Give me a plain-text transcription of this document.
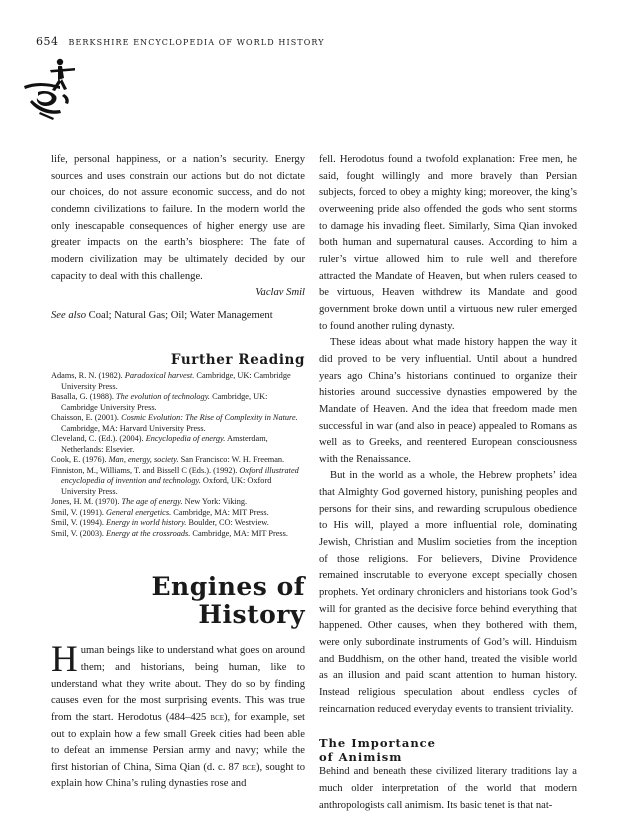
654 BERKSHIRE ENCYCLOPEDIA OF WORLD HISTORY

life, personal happiness, or a nation’s security. Energy sources and uses constrain our actions but do not dictate our choices, do not assure economic success, and do not condemn civilizations to failure. In the modern world the only inescapable consequences of higher energy use are greater impacts on the earth’s biosphere: The fate of modern civilization may be ultimately decided by our capacity to deal with this challenge.

Vaclav Smil

See also Coal; Natural Gas; Oil; Water Management

Further Reading

Adams, R. N. (1982). Paradoxical harvest. Cambridge, UK: Cambridge University Press.

Basalla, G. (1988). The evolution of technology. Cambridge, UK: Cambridge University Press.

Chaisson, E. (2001). Cosmic Evolution: The Rise of Complexity in Nature. Cambridge, MA: Harvard University Press.

Cleveland, C. (Ed.). (2004). Encyclopedia of energy. Amsterdam, Netherlands: Elsevier.

Cook, E. (1976). Man, energy, society. San Francisco: W. H. Freeman.

Finniston, M., Williams, T. and Bissell C (Eds.). (1992). Oxford illustrated encyclopedia of invention and technology. Oxford, UK: Oxford University Press.

Jones, H. M. (1970). The age of energy. New York: Viking.

Smil, V. (1991). General energetics. Cambridge, MA: MIT Press.

Smil, V. (1994). Energy in world history. Boulder, CO: Westview.

Smil, V. (2003). Energy at the crossroads. Cambridge, MA: MIT Press.

Engines of
History

Human beings like to understand what goes on around them; and historians, being human, like to understand what they write about. They do so by finding causes even for the most surprising events. This was true from the start. Herodotus (484–425 bce), for example, set out to explain how a few small Greek cities had been able to defeat an immense Persian army and navy; while the first historian of China, Sima Qian (d. c. 87 bce), sought to explain how China’s ruling dynasties rose and

fell. Herodotus found a twofold explanation: Free men, he said, fought willingly and more bravely than Persian subjects, forced to obey a mighty king; moreover, the king’s overweening pride also offended the gods who sent storms to damage his invading fleet. Similarly, Sima Qian invoked both human and supernatural causes. According to him a ruler’s virtue allowed him to rule well and therefore attracted the Mandate of Heaven, but when rulers ceased to be virtuous, Heaven withdrew its Mandate and good government broke down until a virtuous new ruler emerged to found another ruling dynasty.

These ideas about what made history happen the way it did proved to be very influential. Until about a hundred years ago China’s historians continued to organize their histories around successive dynasties empowered by the Mandate of Heaven. And the idea that freedom made men successful in war (and also in peace) appealed to Romans as well as to Greeks, and reentered European consciousness with the Renaissance.

But in the world as a whole, the Hebrew prophets’ idea that Almighty God governed history, punishing peoples and persons for their sins, and rewarding scrupulous obedience to His will, played a more influential role, dominating Jewish, Christian and Muslim societies from the inception of those religions. For believers, Divine Providence remained inscrutable to everyone except specially chosen prophets. Yet ordinary chroniclers and historians took God’s will for granted as the decisive force behind everything that happened. Other causes, when they bothered with them, were only subordinate instruments of God’s will. Hinduism and Buddhism, on the other hand, treated the visible world as an illusion and paid scant attention to human history. Instead religious speculation about endless cycles of reincarnation reduced everyday events to transient triviality.

The Importance
of Animism

Behind and beneath these civilized literary traditions lay a much older interpretation of the world that modern anthropologists call animism. Its basic tenet is that nat-
